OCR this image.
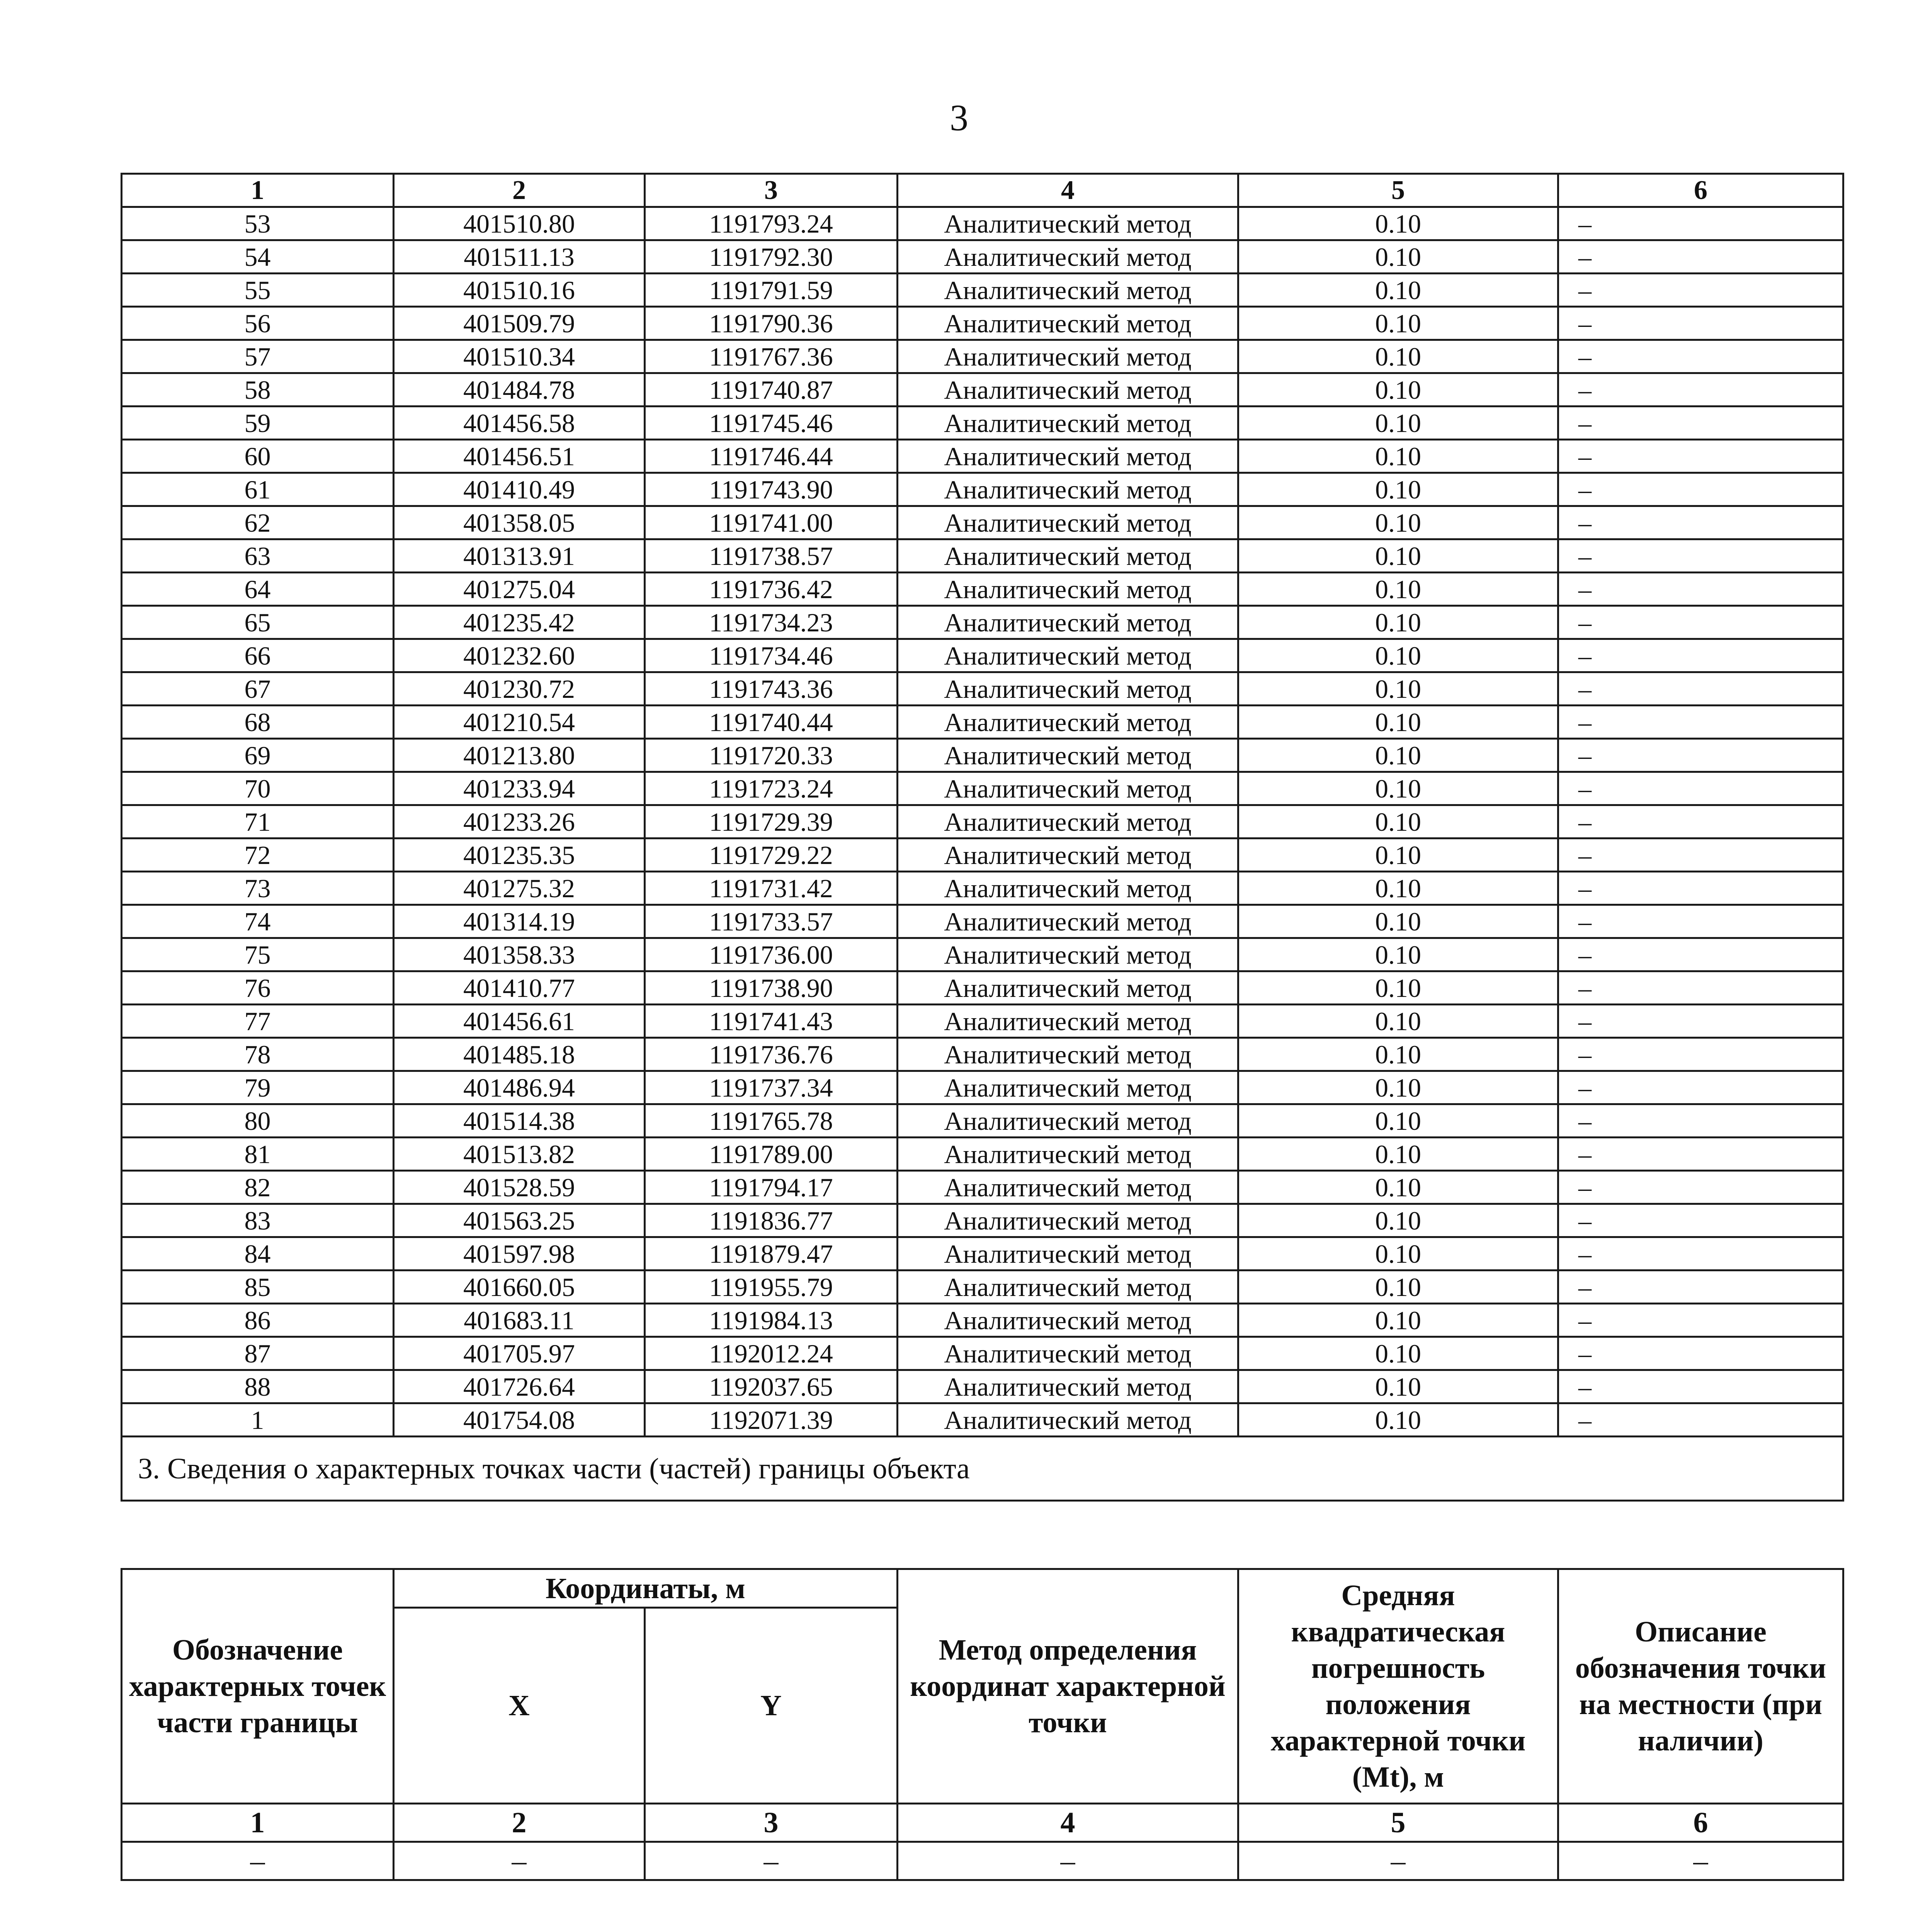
3
1	2	3	4	5	6
53	401510.80	1191793.24	Аналитический метод	0.10	–
54	401511.13	1191792.30	Аналитический метод	0.10	–
55	401510.16	1191791.59	Аналитический метод	0.10	–
56	401509.79	1191790.36	Аналитический метод	0.10	–
57	401510.34	1191767.36	Аналитический метод	0.10	–
58	401484.78	1191740.87	Аналитический метод	0.10	–
59	401456.58	1191745.46	Аналитический метод	0.10	–
60	401456.51	1191746.44	Аналитический метод	0.10	–
61	401410.49	1191743.90	Аналитический метод	0.10	–
62	401358.05	1191741.00	Аналитический метод	0.10	–
63	401313.91	1191738.57	Аналитический метод	0.10	–
64	401275.04	1191736.42	Аналитический метод	0.10	–
65	401235.42	1191734.23	Аналитический метод	0.10	–
66	401232.60	1191734.46	Аналитический метод	0.10	–
67	401230.72	1191743.36	Аналитический метод	0.10	–
68	401210.54	1191740.44	Аналитический метод	0.10	–
69	401213.80	1191720.33	Аналитический метод	0.10	–
70	401233.94	1191723.24	Аналитический метод	0.10	–
71	401233.26	1191729.39	Аналитический метод	0.10	–
72	401235.35	1191729.22	Аналитический метод	0.10	–
73	401275.32	1191731.42	Аналитический метод	0.10	–
74	401314.19	1191733.57	Аналитический метод	0.10	–
75	401358.33	1191736.00	Аналитический метод	0.10	–
76	401410.77	1191738.90	Аналитический метод	0.10	–
77	401456.61	1191741.43	Аналитический метод	0.10	–
78	401485.18	1191736.76	Аналитический метод	0.10	–
79	401486.94	1191737.34	Аналитический метод	0.10	–
80	401514.38	1191765.78	Аналитический метод	0.10	–
81	401513.82	1191789.00	Аналитический метод	0.10	–
82	401528.59	1191794.17	Аналитический метод	0.10	–
83	401563.25	1191836.77	Аналитический метод	0.10	–
84	401597.98	1191879.47	Аналитический метод	0.10	–
85	401660.05	1191955.79	Аналитический метод	0.10	–
86	401683.11	1191984.13	Аналитический метод	0.10	–
87	401705.97	1192012.24	Аналитический метод	0.10	–
88	401726.64	1192037.65	Аналитический метод	0.10	–
1	401754.08	1192071.39	Аналитический метод	0.10	–
3. Сведения о характерных точках части (частей) границы объекта					
Обозначение характерных точек части границы	Координаты, м		Метод определения координат характерной точки	Средняя квадратическая погрешность положения характерной точки (Mt), м	Описание обозначения точки на местности (при наличии)
	X	Y			
1	2	3	4	5	6
–	–	–	–	–	–
